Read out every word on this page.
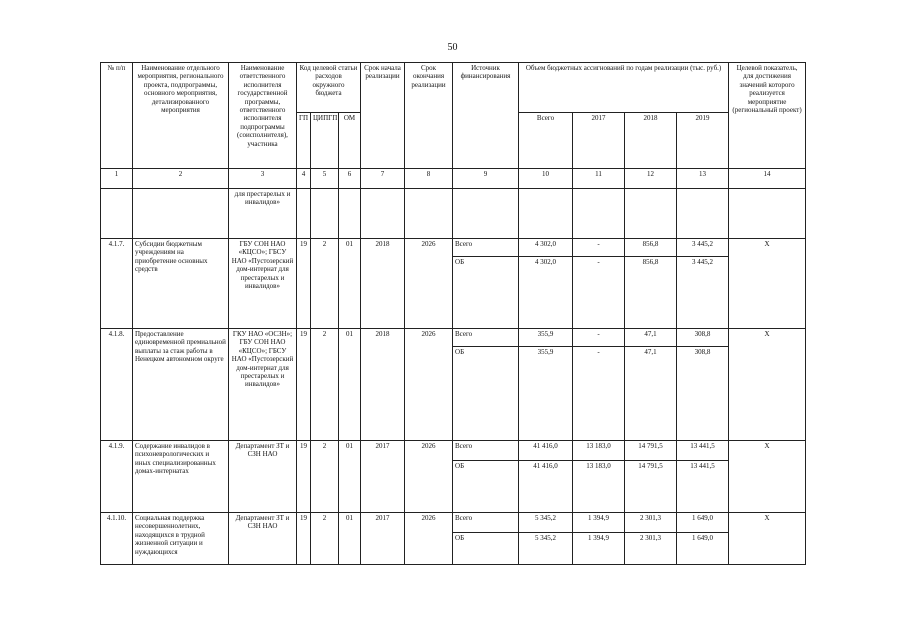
50
№ п/п	Наименование отдельного мероприятия, регионального проекта, подпрограммы, основного мероприятия, детализированного мероприятия	Наименование ответственного исполнителя государственной программы, ответственного исполнителя подпрограммы (соисполнителя), участника	Код целевой статьи расходов окружного бюджета			Срок начала реализации	Срок окончания реализации	Источник финансирования	Объем бюджетных ассигнований по годам реализации (тыс. руб.)				Целевой показатель, для достижения значений которого реализуется мероприятие (региональный проект)
			ГП	ЦИПГП	ОМ				Всего	2017	2018	2019	
1	2	3	4	5	6	7	8	9	10	11	12	13	14
		для престарелых и инвалидов»											
4.1.7.	Субсидии бюджетным учреждениям на приобретение основных средств	ГБУ СОН НАО «КЦСО»; ГБСУ НАО «Пустозерский дом-интернат для престарелых и инвалидов»	19	2	01	2018	2026	Всего	4 302,0	-	856,8	3 445,2	X
								ОБ	4 302,0	-	856,8	3 445,2	
4.1.8.	Предоставление единовременной премиальной выплаты за стаж работы в Ненецком автономном округе	ГКУ НАО «ОСЗН»; ГБУ СОН НАО «КЦСО»; ГБСУ НАО «Пустозерский дом-интернат для престарелых и инвалидов»	19	2	01	2018	2026	Всего	355,9	-	47,1	308,8	X
								ОБ	355,9	-	47,1	308,8	
4.1.9.	Содержание инвалидов в психоневрологических и иных специализированных домах-интернатах	Департамент ЗТ и СЗН НАО	19	2	01	2017	2026	Всего	41 416,0	13 183,0	14 791,5	13 441,5	X
								ОБ	41 416,0	13 183,0	14 791,5	13 441,5	
4.1.10.	Социальная поддержка несовершеннолетних, находящихся в трудной жизненной ситуации и нуждающихся	Департамент ЗТ и СЗН НАО	19	2	01	2017	2026	Всего	5 345,2	1 394,9	2 301,3	1 649,0	X
								ОБ	5 345,2	1 394,9	2 301,3	1 649,0	
